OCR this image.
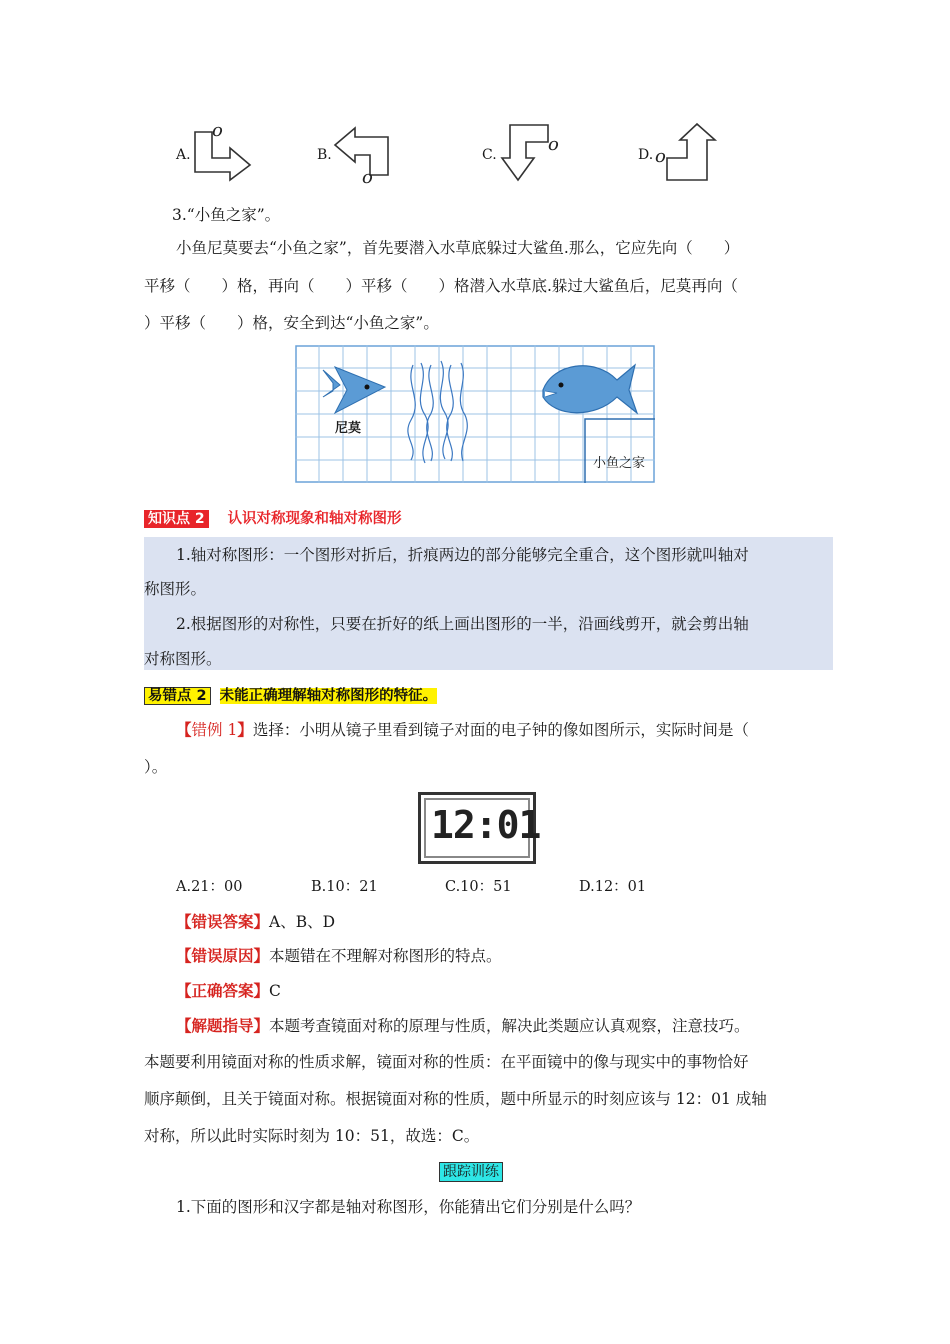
A.
o
B.
o
C.	o	D. o
3.“小鱼之家”。
小鱼尼莫要去“小鱼之家”，首先要潜入水草底躲过大鲨鱼.那么，它应先向（　　）
平移（　　）格，再向（　　）平移（　　）格潜入水草底.躲过大鲨鱼后，尼莫再向（
）平移（　　）格，安全到达“小鱼之家”。
尼莫
小鱼之家
知识点 2 认识对称现象和轴对称图形
1.轴对称图形：一个图形对折后，折痕两边的部分能够完全重合，这个图形就叫轴对
称图形。
2.根据图形的对称性，只要在折好的纸上画出图形的一半，沿画线剪开，就会剪出轴
对称图形。
易错点 2 未能正确理解轴对称图形的特征。
【错例 1】选择：小明从镜子里看到镜子对面的电子钟的像如图所示，实际时间是（
）。
12:01
A.21：00	B.10：21	C.10：51	D.12：01
【错误答案】A、B、D
【错误原因】本题错在不理解对称图形的特点。
【正确答案】C
【解题指导】本题考查镜面对称的原理与性质，解决此类题应认真观察，注意技巧。
本题要利用镜面对称的性质求解，镜面对称的性质：在平面镜中的像与现实中的事物恰好
顺序颠倒，且关于镜面对称。根据镜面对称的性质，题中所显示的时刻应该与 12：01 成轴
对称，所以此时实际时刻为 10：51，故选：C。
跟踪训练
1.下面的图形和汉字都是轴对称图形，你能猜出它们分别是什么吗？
